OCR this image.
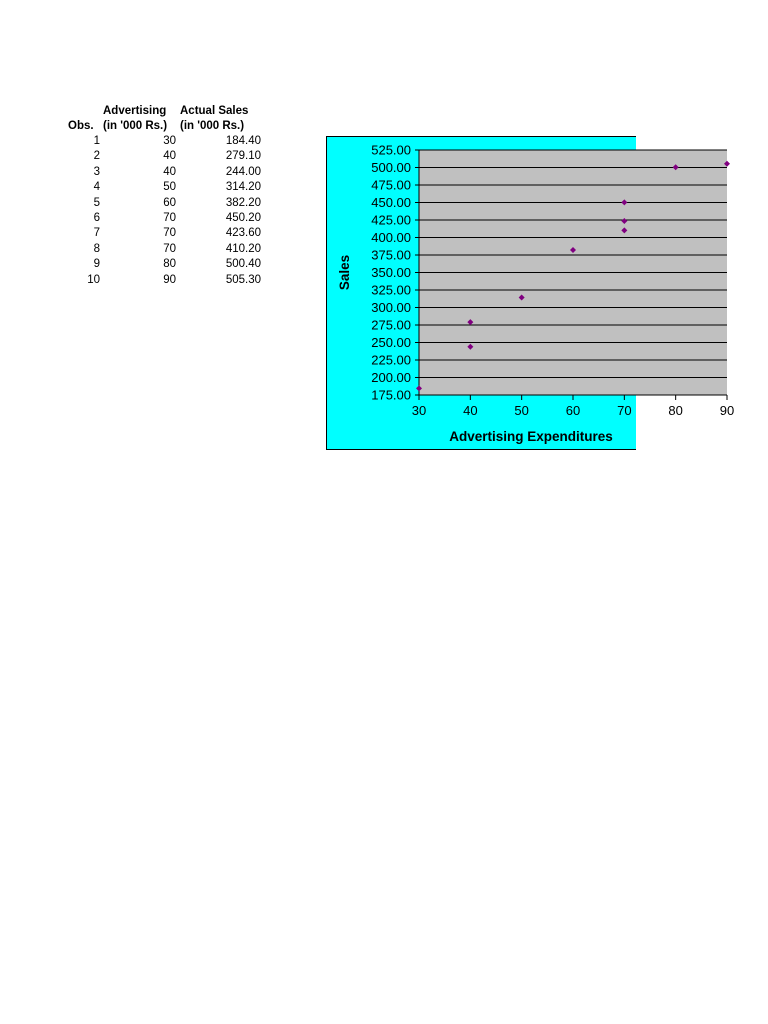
Advertising Actual Sales
Obs. (in '000 Rs.) (in '000 Rs.)
1	30	184.40
2	40	279.10
3	40	244.00
4	50	314.20
5	60	382.20
6	70	450.20
7	70	423.60
8	70	410.20
9	80	500.40
10	90	505.30
175.00
200.00
225.00
250.00
275.00
300.00
325.00
350.00
375.00
400.00
425.00
450.00
475.00
500.00
525.00
30	40	50	60	70	80	90
Advertising Expenditures
Sales
